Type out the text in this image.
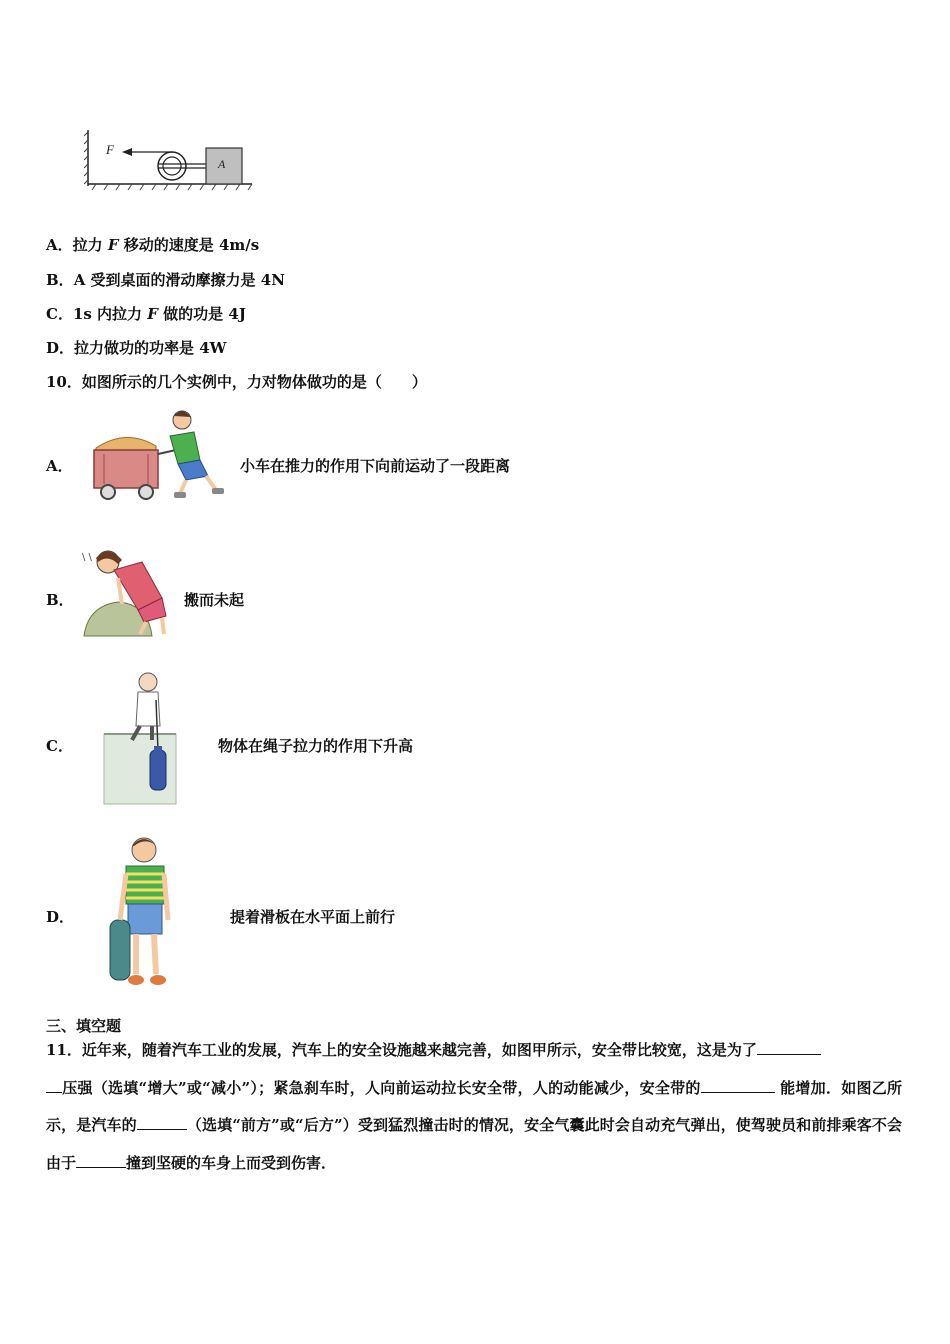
F
A
A．拉力 F 移动的速度是 4m/s
B．A 受到桌面的滑动摩擦力是 4N
C．1s 内拉力 F 做的功是 4J
D．拉力做功的功率是 4W
10．如图所示的几个实例中，力对物体做功的是（　　）
A．	小车在推力的作用下向前运动了一段距离
B．
\ \
搬而未起
C．	物体在绳子拉力的作用下升高
D．	提着滑板在水平面上前行
三、填空题
11．近年来，随着汽车工业的发展，汽车上的安全设施越来越完善，如图甲所示，安全带比较宽，这是为了
压强（选填“增大”或“减小”）；紧急刹车时，人向前运动拉长安全带，人的动能减少，安全带的	能增加．如图乙所示，是汽车的	（选填“前方”或“后方”）受到猛烈撞击时的情况，安全气囊此时会自动充气弹出，使驾驶员和前排乘客不会由于	撞到坚硬的车身上而受到伤害．
